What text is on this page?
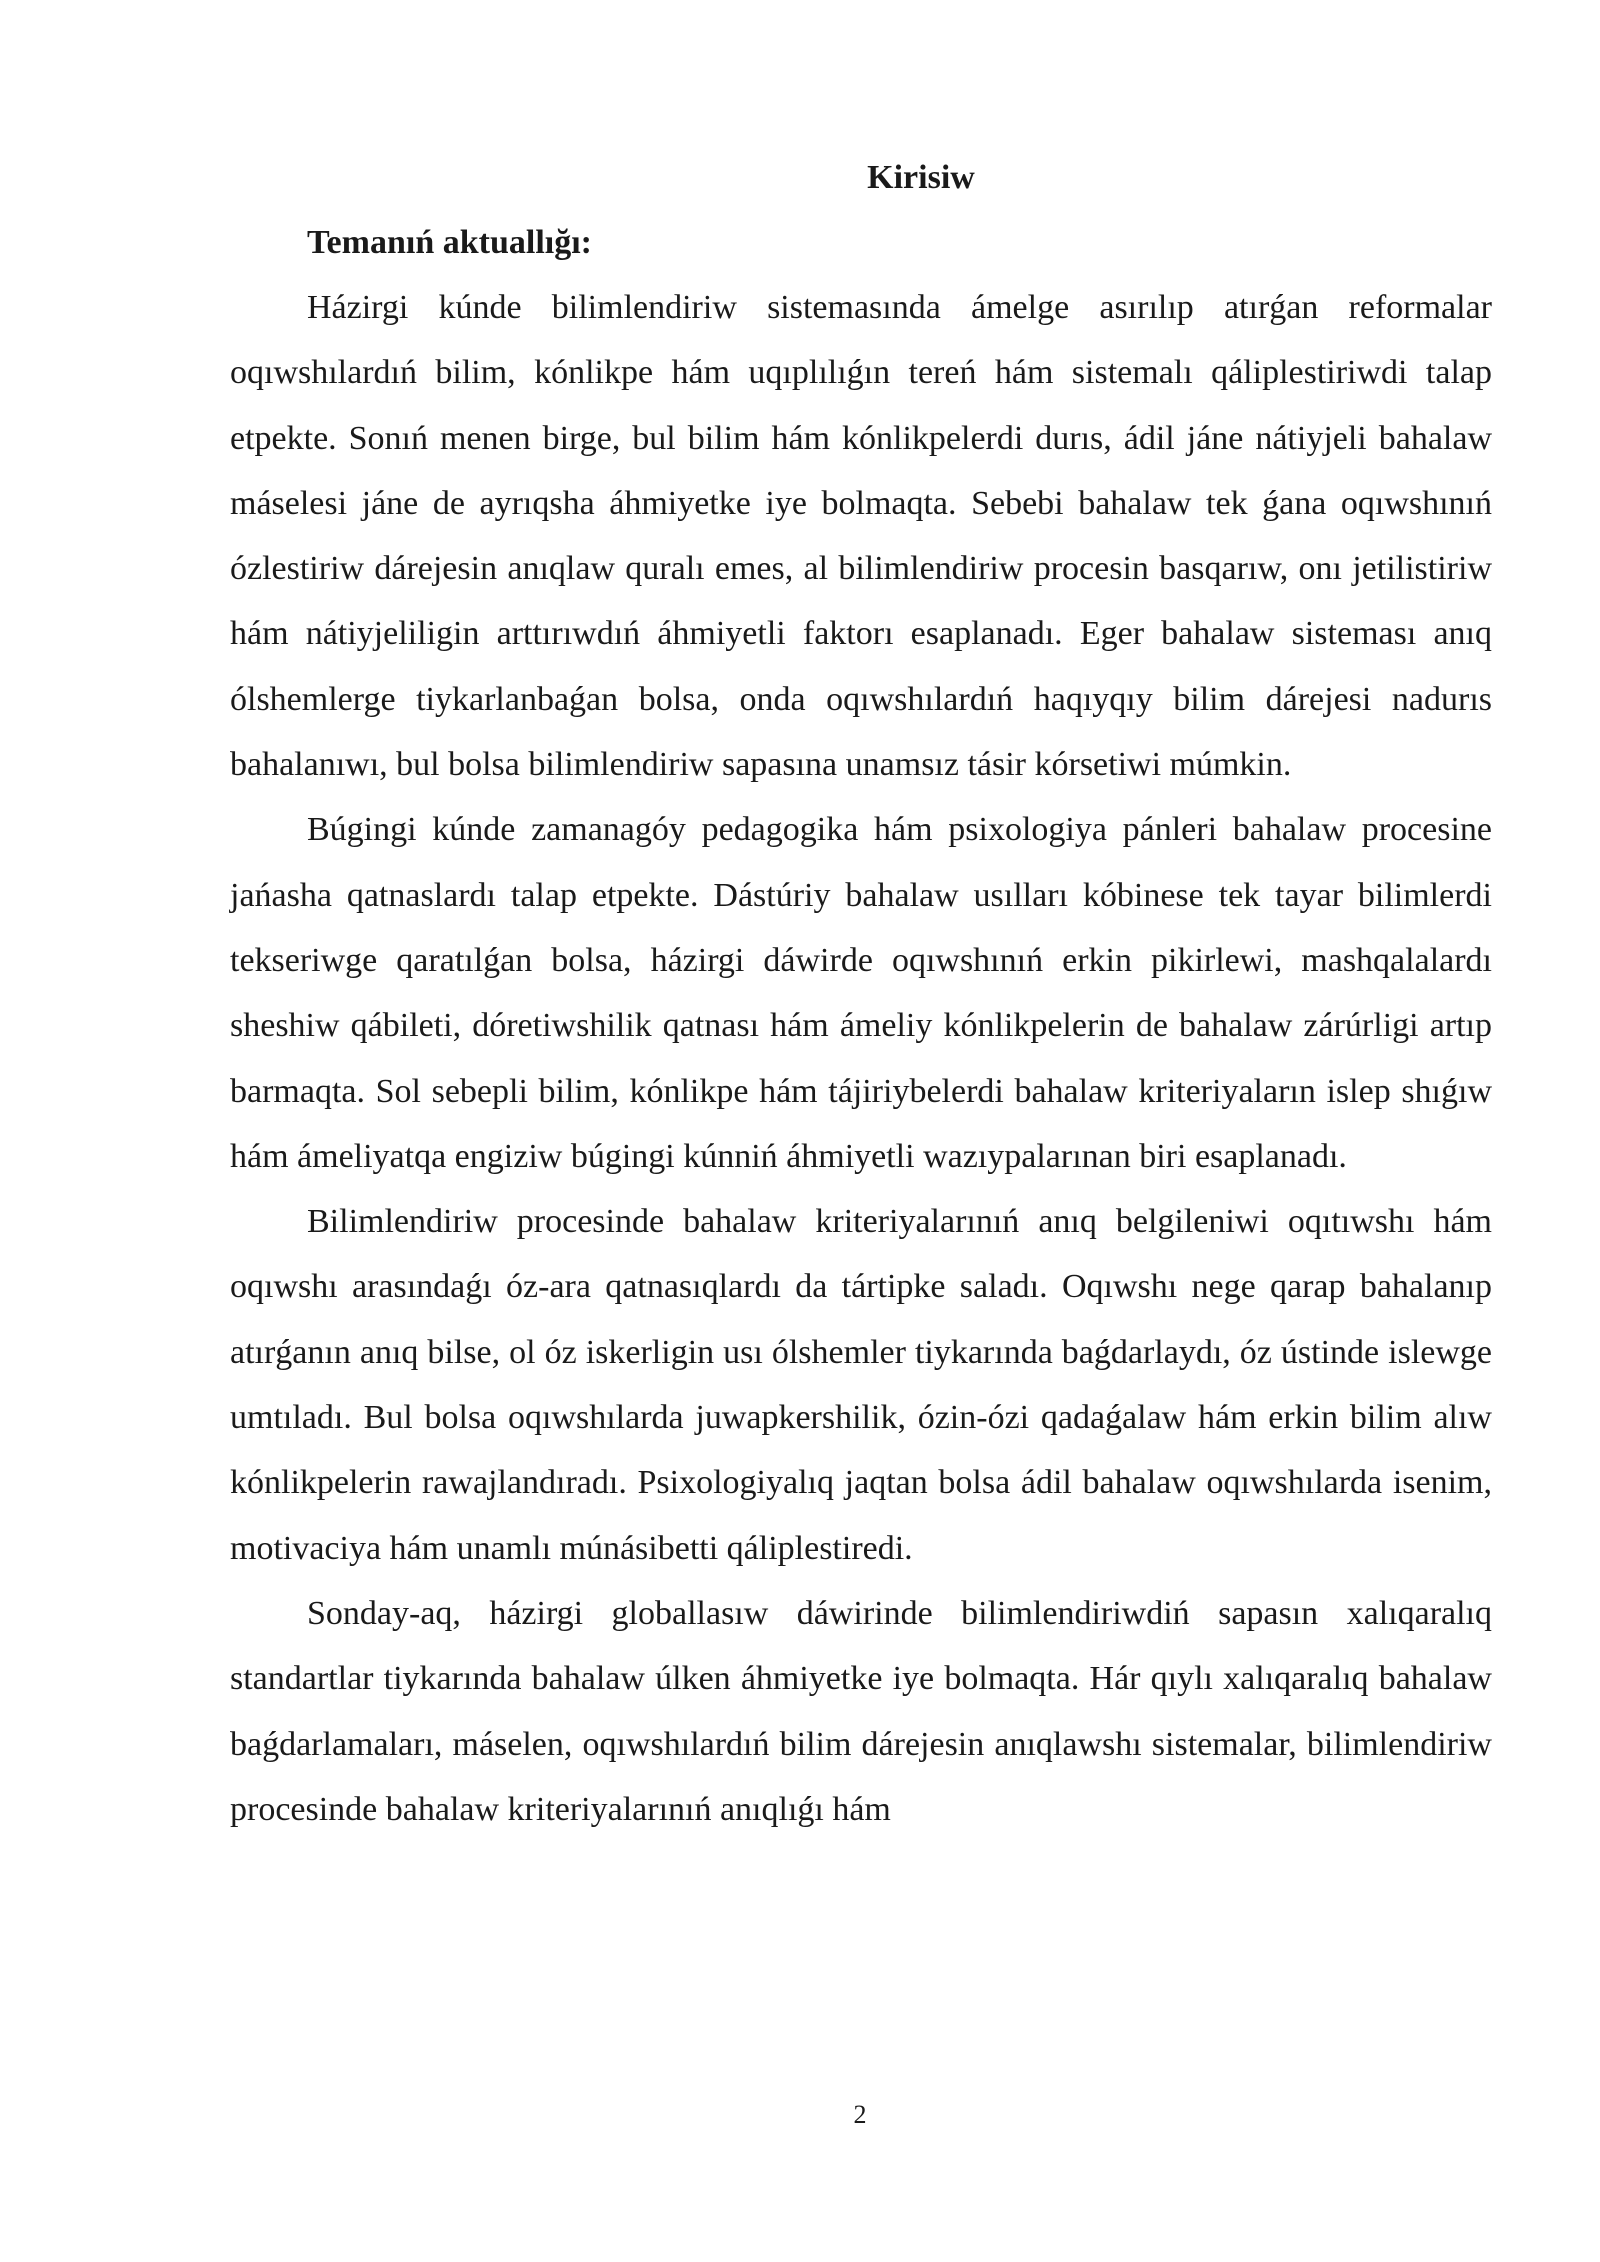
Kirisiw
Temanıń aktuallığı:

Házirgi kúnde bilimlendiriw sistemasında ámelge asırılıp atırǵan reformalar oqıwshılardıń bilim, kónlikpe hám uqıplılıǵın tereń hám sistemalı qáliplestiriwdi talap etpekte. Sonıń menen birge, bul bilim hám kónlikpelerdi durıs, ádil jáne nátiyjeli bahalaw máselesi jáne de ayrıqsha áhmiyetke iye bolmaqta. Sebebi bahalaw tek ǵana oqıwshınıń ózlestiriw dárejesin anıqlaw quralı emes, al bilimlendiriw procesin basqarıw, onı jetilistiriw hám nátiyjeliligin arttırıwdıń áhmiyetli faktorı esaplanadı. Eger bahalaw sisteması anıq ólshemlerge tiykarlanbaǵan bolsa, onda oqıwshılardıń haqıyqıy bilim dárejesi nadurıs bahalanıwı, bul bolsa bilimlendiriw sapasına unamsız tásir kórsetiwi múmkin.

Búgingi kúnde zamanagóy pedagogika hám psixologiya pánleri bahalaw procesine jańasha qatnaslardı talap etpekte. Dástúriy bahalaw usılları kóbinese tek tayar bilimlerdi tekseriwge qaratılǵan bolsa, házirgi dáwirde oqıwshınıń erkin pikirlewi, mashqalalardı sheshiw qábileti, dóretiwshilik qatnası hám ámeliy kónlikpelerin de bahalaw zárúrligi artıp barmaqta. Sol sebepli bilim, kónlikpe hám tájiriybelerdi bahalaw kriteriyaların islep shıǵıw hám ámeliyatqa engiziw búgingi kúnniń áhmiyetli wazıypalarınan biri esaplanadı.

Bilimlendiriw procesinde bahalaw kriteriyalarınıń anıq belgileniwi oqıtıwshı hám oqıwshı arasındaǵı óz-ara qatnasıqlardı da tártipke saladı. Oqıwshı nege qarap bahalanıp atırǵanın anıq bilse, ol óz iskerligin usı ólshemler tiykarında baǵdarlaydı, óz ústinde islewge umtıladı. Bul bolsa oqıwshılarda juwapkershilik, ózin-ózi qadaǵalaw hám erkin bilim alıw kónlikpelerin rawajlandıradı. Psixologiyalıq jaqtan bolsa ádil bahalaw oqıwshılarda isenim, motivaciya hám unamlı múnásibetti qáliplestiredi.

Sonday-aq, házirgi globallasıw dáwirinde bilimlendiriwdiń sapasın xalıqaralıq standartlar tiykarında bahalaw úlken áhmiyetke iye bolmaqta. Hár qıylı xalıqaralıq bahalaw baǵdarlamaları, máselen, oqıwshılardıń bilim dárejesin anıqlawshı sistemalar, bilimlendiriw procesinde bahalaw kriteriyalarınıń anıqlıǵı hám

2
